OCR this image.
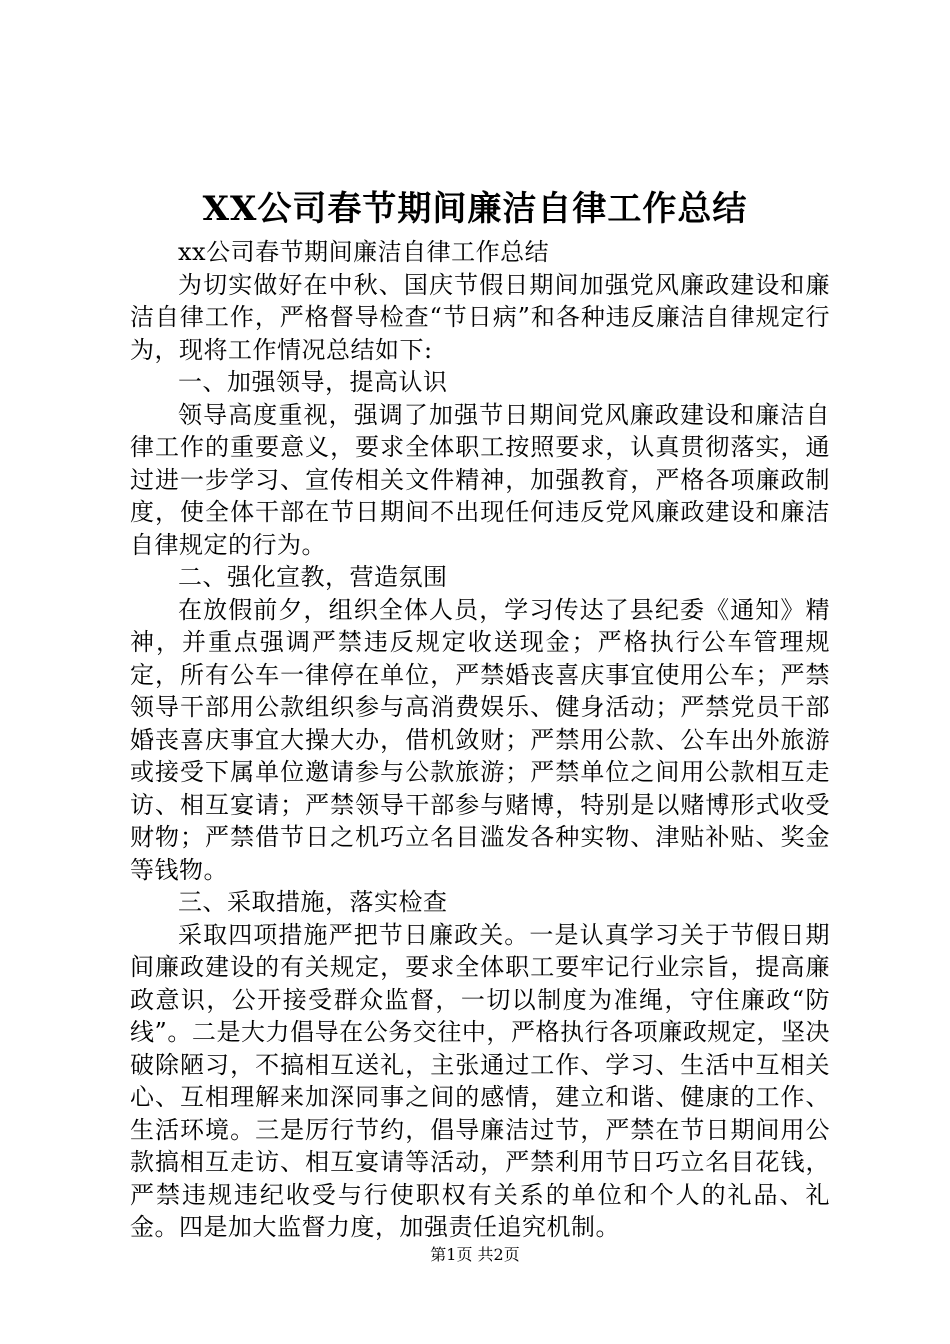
XX公司春节期间廉洁自律工作总结

xx公司春节期间廉洁自律工作总结

为切实做好在中秋、国庆节假日期间加强党风廉政建设和廉洁自律工作，严格督导检查“节日病”和各种违反廉洁自律规定行为，现将工作情况总结如下:

一、加强领导，提高认识

领导高度重视，强调了加强节日期间党风廉政建设和廉洁自律工作的重要意义，要求全体职工按照要求，认真贯彻落实，通过进一步学习、宣传相关文件精神，加强教育，严格各项廉政制度，使全体干部在节日期间不出现任何违反党风廉政建设和廉洁自律规定的行为。

二、强化宣教，营造氛围

在放假前夕，组织全体人员，学习传达了县纪委《通知》精神，并重点强调严禁违反规定收送现金；严格执行公车管理规定，所有公车一律停在单位，严禁婚丧喜庆事宜使用公车；严禁领导干部用公款组织参与高消费娱乐、健身活动；严禁党员干部婚丧喜庆事宜大操大办，借机敛财；严禁用公款、公车出外旅游或接受下属单位邀请参与公款旅游；严禁单位之间用公款相互走访、相互宴请；严禁领导干部参与赌博，特别是以赌博形式收受财物；严禁借节日之机巧立名目滥发各种实物、津贴补贴、奖金等钱物。

三、采取措施，落实检查

采取四项措施严把节日廉政关。一是认真学习关于节假日期间廉政建设的有关规定，要求全体职工要牢记行业宗旨，提高廉政意识，公开接受群众监督，一切以制度为准绳，守住廉政“防线”。二是大力倡导在公务交往中，严格执行各项廉政规定，坚决破除陋习，不搞相互送礼，主张通过工作、学习、生活中互相关心、互相理解来加深同事之间的感情，建立和谐、健康的工作、生活环境。三是厉行节约，倡导廉洁过节，严禁在节日期间用公款搞相互走访、相互宴请等活动，严禁利用节日巧立名目花钱，严禁违规违纪收受与行使职权有关系的单位和个人的礼品、礼金。四是加大监督力度，加强责任追究机制。

第1页 共2页
